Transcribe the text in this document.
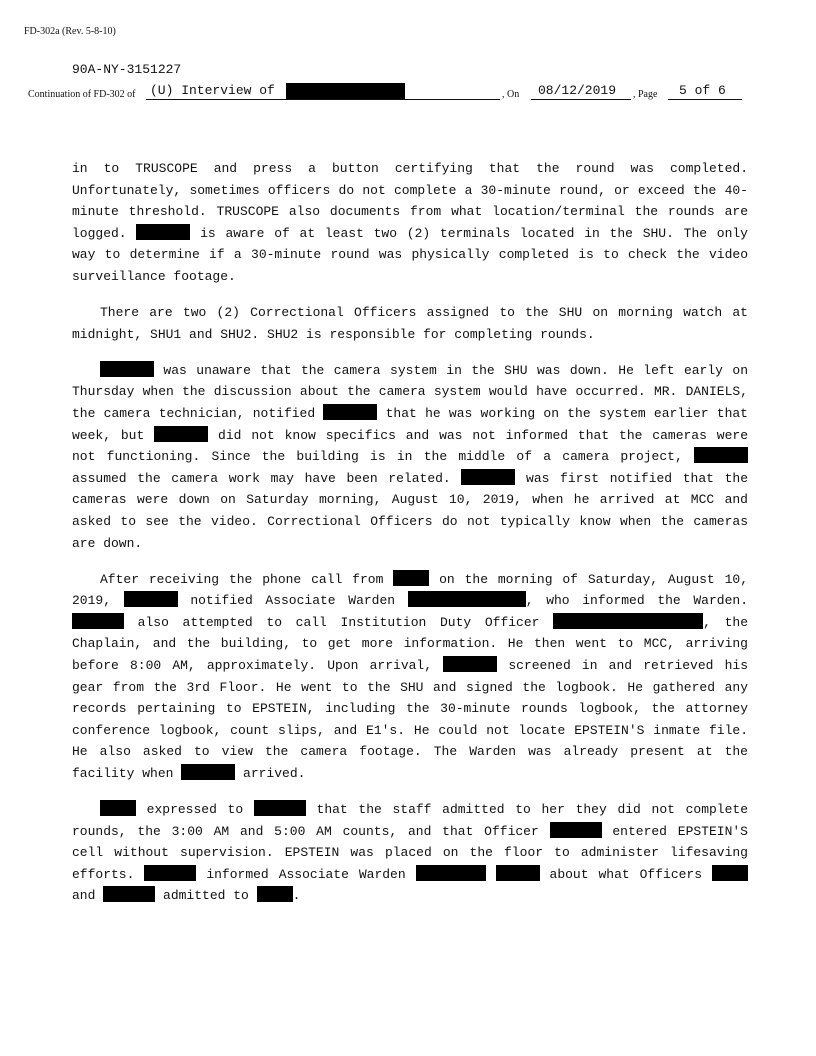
FD-302a (Rev. 5-8-10)
90A-NY-3151227
Continuation of FD-302 of (U) Interview of	, On 08/12/2019 , Page 5 of 6

in to TRUSCOPE and press a button certifying that the round was completed. Unfortunately, sometimes officers do not complete a 30-minute round, or exceed the 40-minute threshold. TRUSCOPE also documents from what location/terminal the rounds are logged.	is aware of at least two (2) terminals located in the SHU. The only way to determine if a 30-minute round was physically completed is to check the video surveillance footage.

There are two (2) Correctional Officers assigned to the SHU on morning watch at midnight, SHU1 and SHU2. SHU2 is responsible for completing rounds.

was unaware that the camera system in the SHU was down. He left early on Thursday when the discussion about the camera system would have occurred. MR. DANIELS, the camera technician, notified	that he was working on the system earlier that week, but	did not know specifics and was not informed that the cameras were not functioning. Since the building is in the middle of a camera project,  assumed the camera work may have been related.	was first notified that the cameras were down on Saturday morning, August 10, 2019, when he arrived at MCC and asked to see the video. Correctional Officers do not typically know when the cameras are down.

After receiving the phone call from	on the morning of Saturday, August 10, 2019,	notified Associate Warden	, who informed the Warden.  also attempted to call Institution Duty Officer	, the Chaplain, and the building, to get more information. He then went to MCC, arriving before 8:00 AM, approximately. Upon arrival,	screened in and retrieved his gear from the 3rd Floor. He went to the SHU and signed the logbook. He gathered any records pertaining to EPSTEIN, including the 30-minute rounds logbook, the attorney conference logbook, count slips, and E1's. He could not locate EPSTEIN'S inmate file. He also asked to view the camera footage. The Warden was already present at the facility when	arrived.

expressed to	that the staff admitted to her they did not complete rounds, the 3:00 AM and 5:00 AM counts, and that Officer	entered EPSTEIN'S cell without supervision. EPSTEIN was placed on the floor to administer lifesaving efforts.	informed Associate Warden	about what Officers  and	admitted to	.
